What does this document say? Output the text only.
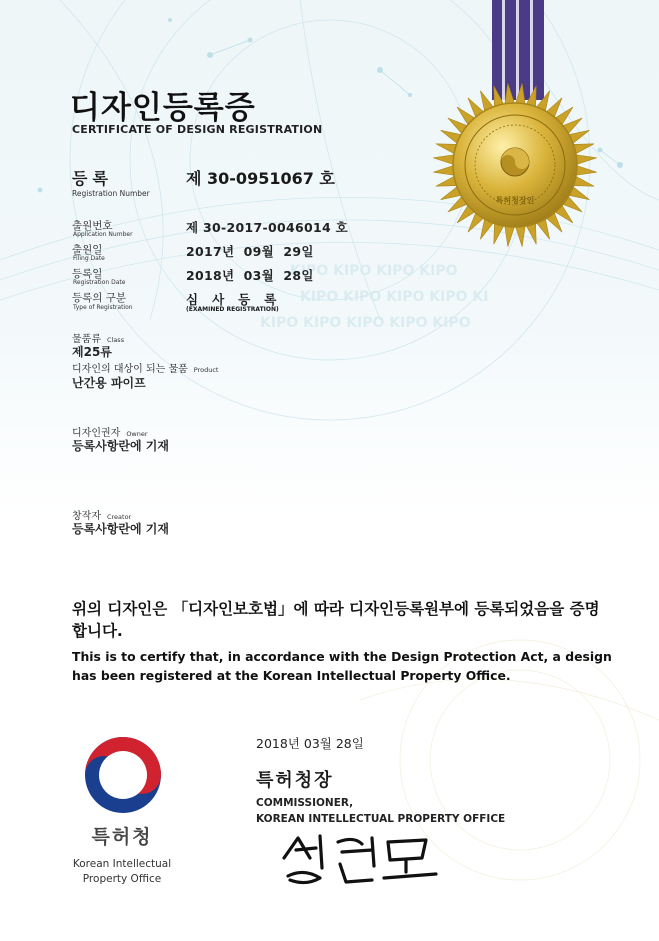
KIPO KIPO KIPO KIPO
KIPO KIPO KIPO KIPO KI
KIPO KIPO KIPO KIPO KIPO
특허청장인
디자인등록증
CERTIFICATE OF DESIGN REGISTRATION
등록
Registration Number
제 30-0951067 호
출원번호
Application Number	제 30-2017-0046014 호
출원일
Filing Date	2017년  09월  29일
등록일
Registration Date	2018년  03월  28일
등록의 구분
Type of Registration
심사등록
(EXAMINED REGISTRATION)
물품류 Class
제25류
디자인의 대상이 되는 물품 Product
난간용 파이프
디자인권자 Owner
등록사항란에 기재
창작자 Creator
등록사항란에 기재
위의 디자인은 「디자인보호법」에 따라 디자인등록원부에 등록되었음을 증명합니다.
This is to certify that, in accordance with the Design Protection Act, a design has been registered at the Korean Intellectual Property Office.
2018년 03월 28일
특허청장
COMMISSIONER,
KOREAN INTELLECTUAL PROPERTY OFFICE
특허청
Korean Intellectual
Property Office
